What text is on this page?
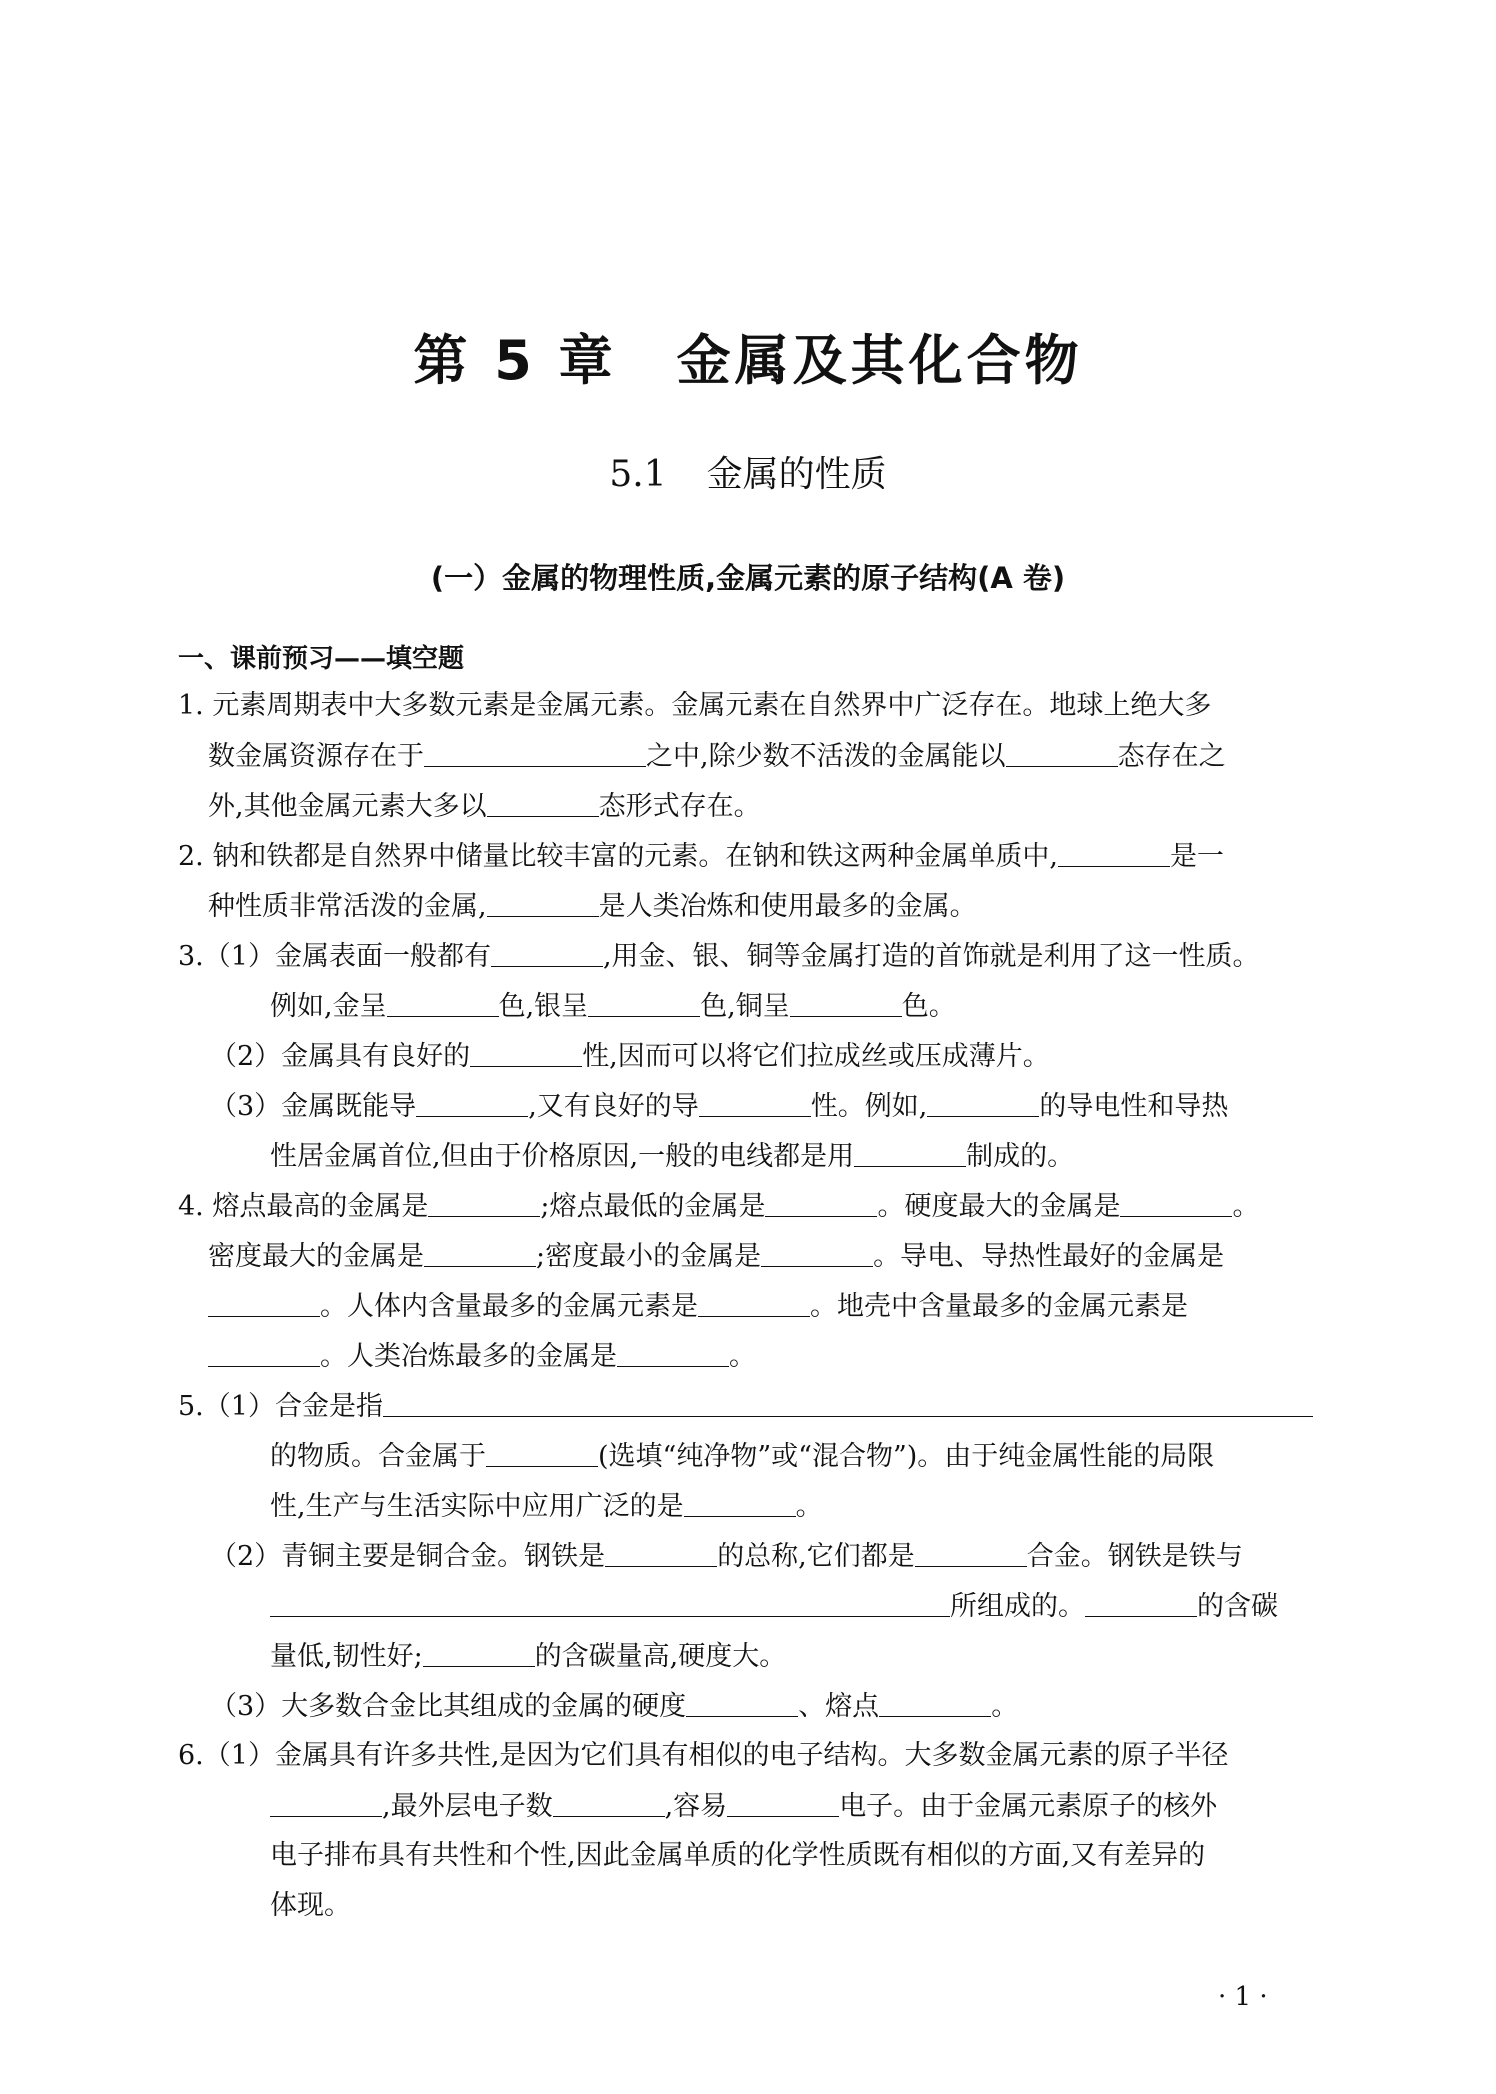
第 5 章 金属及其化合物
5.1 金属的性质
(一）金属的物理性质,金属元素的原子结构(A 卷)
一、课前预习——填空题
1. 元素周期表中大多数元素是金属元素。金属元素在自然界中广泛存在。地球上绝大多
数金属资源存在于	之中,除少数不活泼的金属能以	态存在之
外,其他金属元素大多以	态形式存在。
2. 钠和铁都是自然界中储量比较丰富的元素。在钠和铁这两种金属单质中,	是一
种性质非常活泼的金属,	是人类冶炼和使用最多的金属。
3.（1）金属表面一般都有	,用金、银、铜等金属打造的首饰就是利用了这一性质。
例如,金呈	色,银呈	色,铜呈	色。
（2）金属具有良好的	性,因而可以将它们拉成丝或压成薄片。
（3）金属既能导	,又有良好的导	性。例如,	的导电性和导热
性居金属首位,但由于价格原因,一般的电线都是用	制成的。
4. 熔点最高的金属是	;熔点最低的金属是	。硬度最大的金属是	。
密度最大的金属是	;密度最小的金属是	。导电、导热性最好的金属是
。人体内含量最多的金属元素是	。地壳中含量最多的金属元素是
。人类冶炼最多的金属是	。
5.（1）合金是指
的物质。合金属于	(选填“纯净物”或“混合物”)。由于纯金属性能的局限
性,生产与生活实际中应用广泛的是	。
（2）青铜主要是铜合金。钢铁是	的总称,它们都是	合金。钢铁是铁与
所组成的。	的含碳
量低,韧性好;	的含碳量高,硬度大。
（3）大多数合金比其组成的金属的硬度	、熔点	。
6.（1）金属具有许多共性,是因为它们具有相似的电子结构。大多数金属元素的原子半径
,最外层电子数	,容易	电子。由于金属元素原子的核外
电子排布具有共性和个性,因此金属单质的化学性质既有相似的方面,又有差异的
体现。
· 1 ·
